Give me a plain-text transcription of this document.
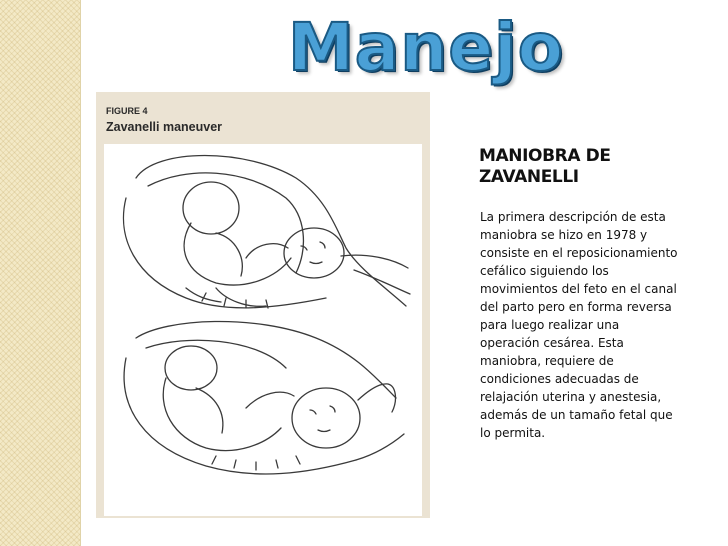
Manejo
FIGURE 4
Zavanelli maneuver
MANIOBRA DE ZAVANELLI
La primera descripción de esta maniobra se hizo en 1978 y consiste en el reposicionamiento cefálico siguiendo los movimientos del feto en el canal del parto pero en forma reversa para luego realizar una operación cesárea. Esta maniobra, requiere de condiciones adecuadas de relajación uterina y anestesia, además de un tamaño fetal que lo permita.
